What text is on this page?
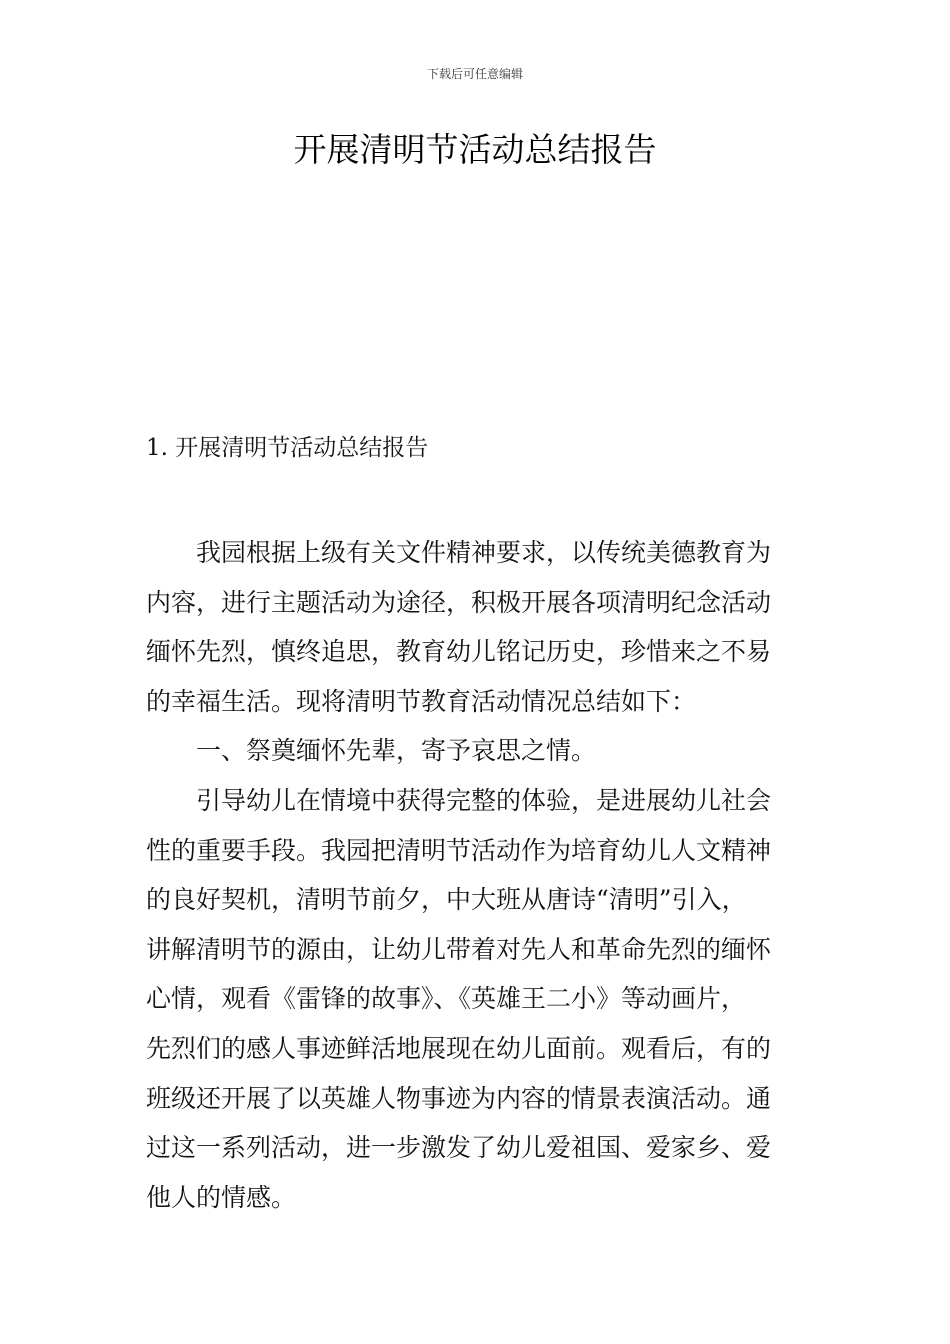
下载后可任意编辑
开展清明节活动总结报告
1. 开展清明节活动总结报告

我园根据上级有关文件精神要求，以传统美德教育为
内容，进行主题活动为途径，积极开展各项清明纪念活动
缅怀先烈，慎终追思，教育幼儿铭记历史，珍惜来之不易
的幸福生活。现将清明节教育活动情况总结如下：

一、祭奠缅怀先辈，寄予哀思之情。

引导幼儿在情境中获得完整的体验，是进展幼儿社会
性的重要手段。我园把清明节活动作为培育幼儿人文精神
的良好契机，清明节前夕，中大班从唐诗“清明”引入，
讲解清明节的源由，让幼儿带着对先人和革命先烈的缅怀
心情，观看《雷锋的故事》、《英雄王二小》等动画片，
先烈们的感人事迹鲜活地展现在幼儿面前。观看后，有的
班级还开展了以英雄人物事迹为内容的情景表演活动。通
过这一系列活动，进一步激发了幼儿爱祖国、爱家乡、爱
他人的情感。
